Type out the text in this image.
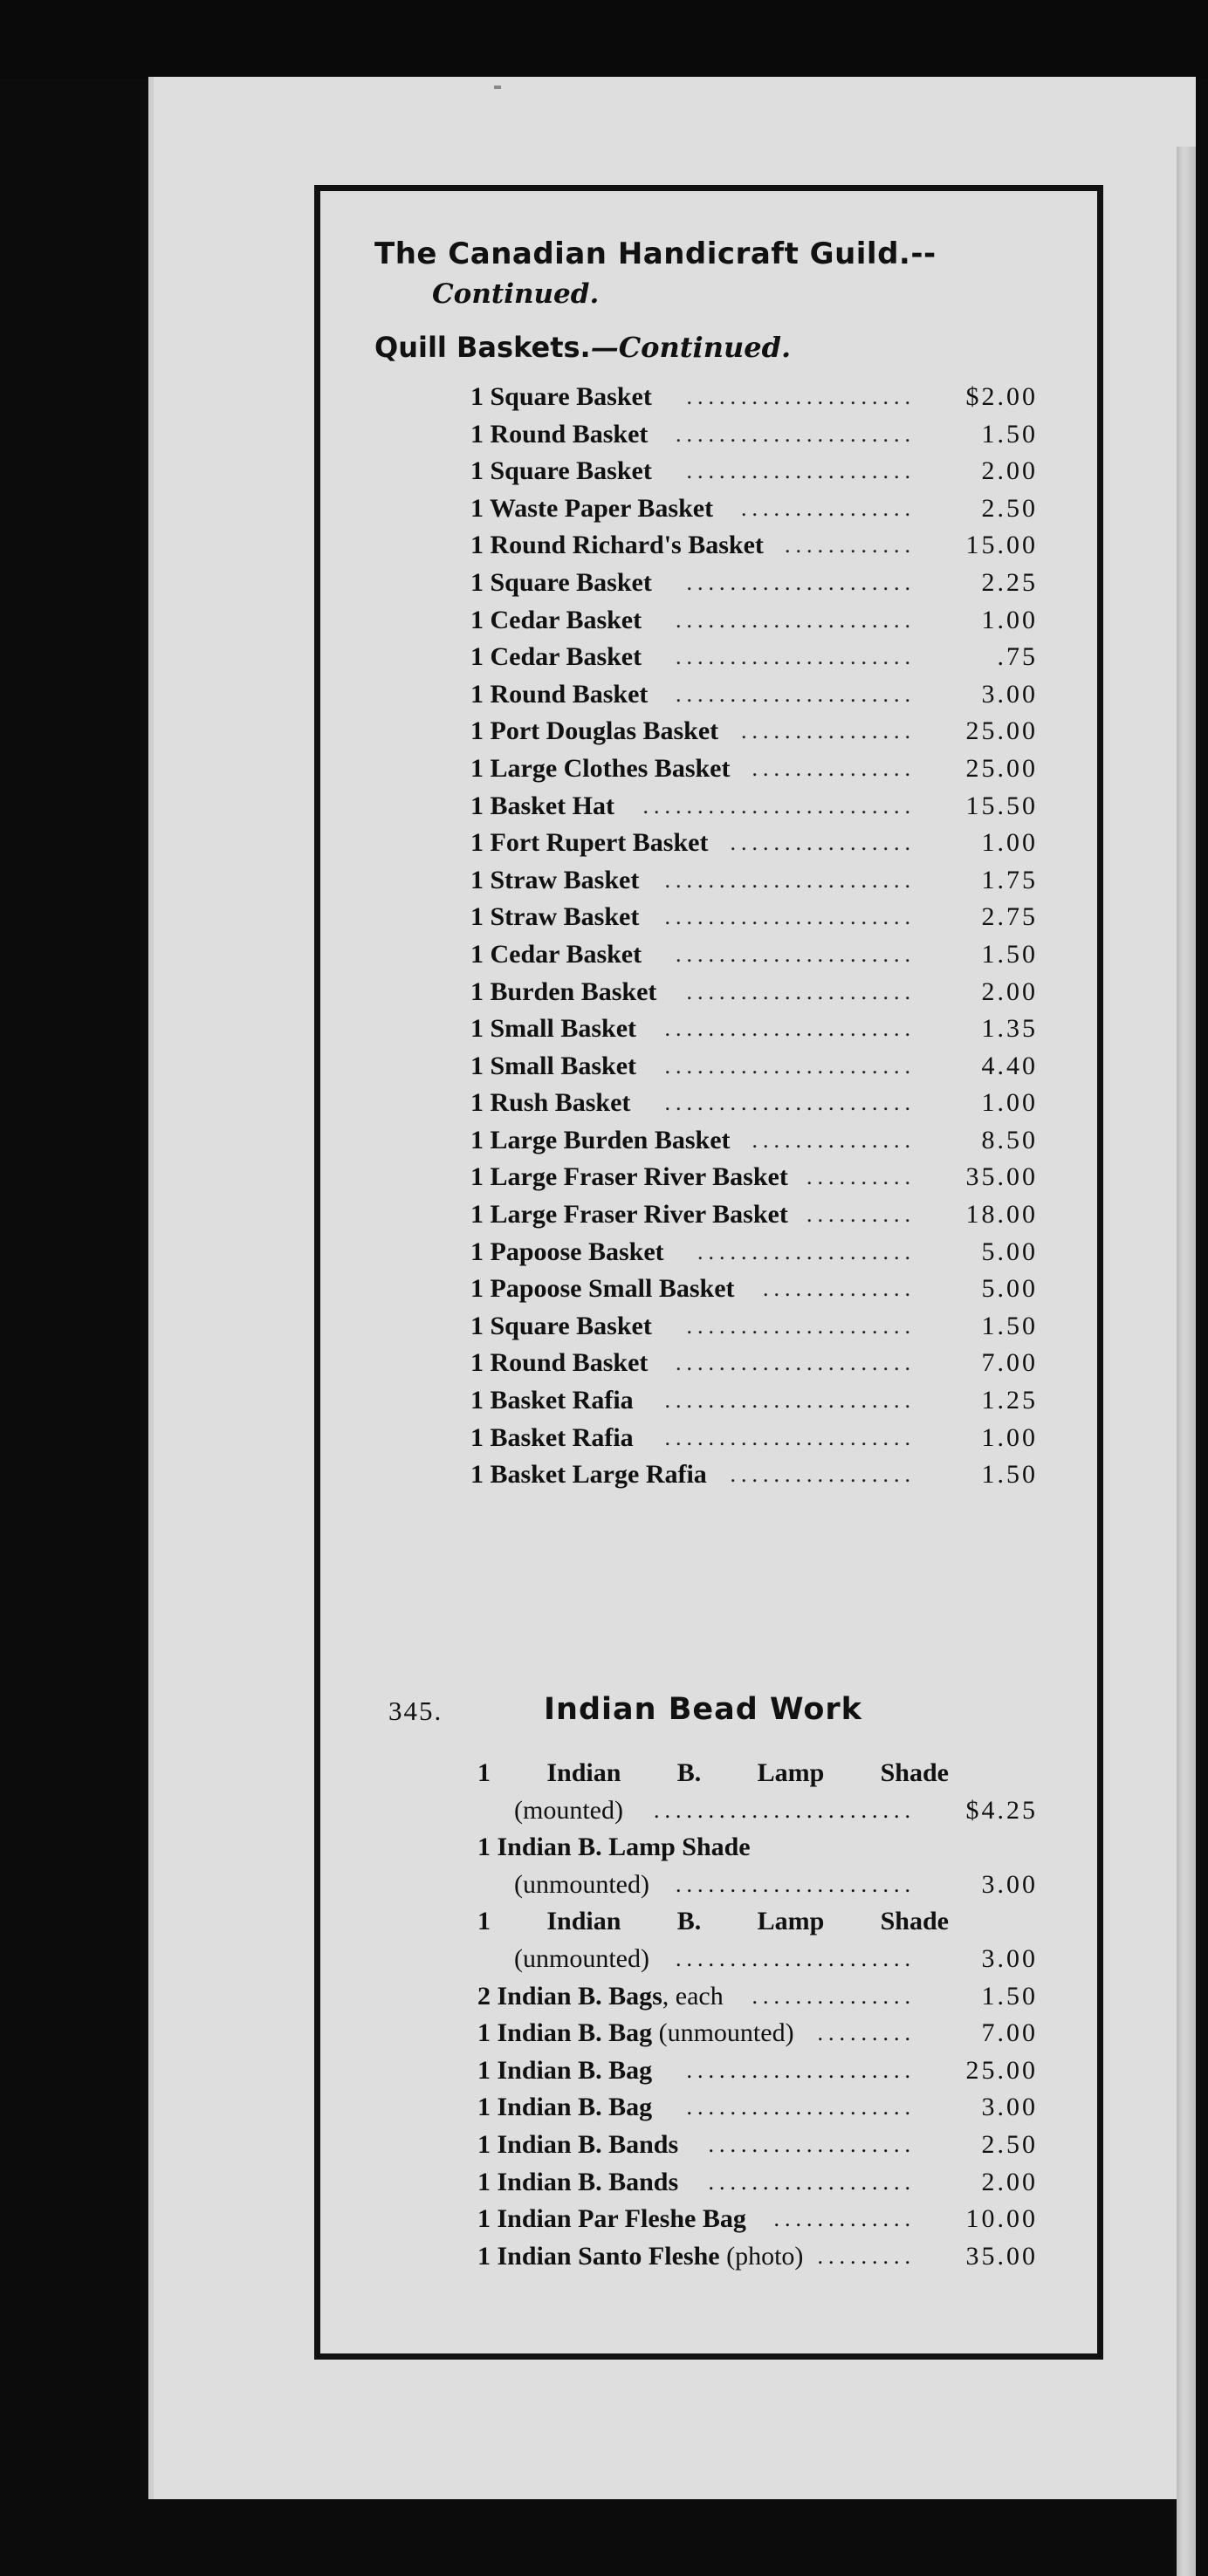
The Canadian Handicraft Guild.--
Continued.
Quill Baskets.—Continued.
1 Square Basket .....................	$2.00
1 Round Basket ......................	1.50
1 Square Basket .....................	2.00
1 Waste Paper Basket ................	2.50
1 Round Richard's Basket ............	15.00
1 Square Basket .....................	2.25
1 Cedar Basket ......................	1.00
1 Cedar Basket ......................	.75
1 Round Basket ......................	3.00
1 Port Douglas Basket ................	25.00
1 Large Clothes Basket ...............	25.00
1 Basket Hat .........................	15.50
1 Fort Rupert Basket .................	1.00
1 Straw Basket .......................	1.75
1 Straw Basket .......................	2.75
1 Cedar Basket ......................	1.50
1 Burden Basket .....................	2.00
1 Small Basket .......................	1.35
1 Small Basket .......................	4.40
1 Rush Basket .......................	1.00
1 Large Burden Basket ...............	8.50
1 Large Fraser River Basket ..........	35.00
1 Large Fraser River Basket ..........	18.00
1 Papoose Basket ....................	5.00
1 Papoose Small Basket ..............	5.00
1 Square Basket .....................	1.50
1 Round Basket ......................	7.00
1 Basket Rafia .......................	1.25
1 Basket Rafia .......................	1.00
1 Basket Large Rafia .................	1.50
345.	Indian Bead Work
1 Indian B. Lamp Shade
(mounted) ........................	$4.25
1 Indian B. Lamp Shade
(unmounted) ......................	3.00
1 Indian B. Lamp Shade
(unmounted) ......................	3.00
2 Indian B. Bags, each ...............	1.50
1 Indian B. Bag (unmounted) .........	7.00
1 Indian B. Bag .....................	25.00
1 Indian B. Bag .....................	3.00
1 Indian B. Bands ...................	2.50
1 Indian B. Bands ...................	2.00
1 Indian Par Fleshe Bag .............	10.00
1 Indian Santo Fleshe (photo) .........	35.00
